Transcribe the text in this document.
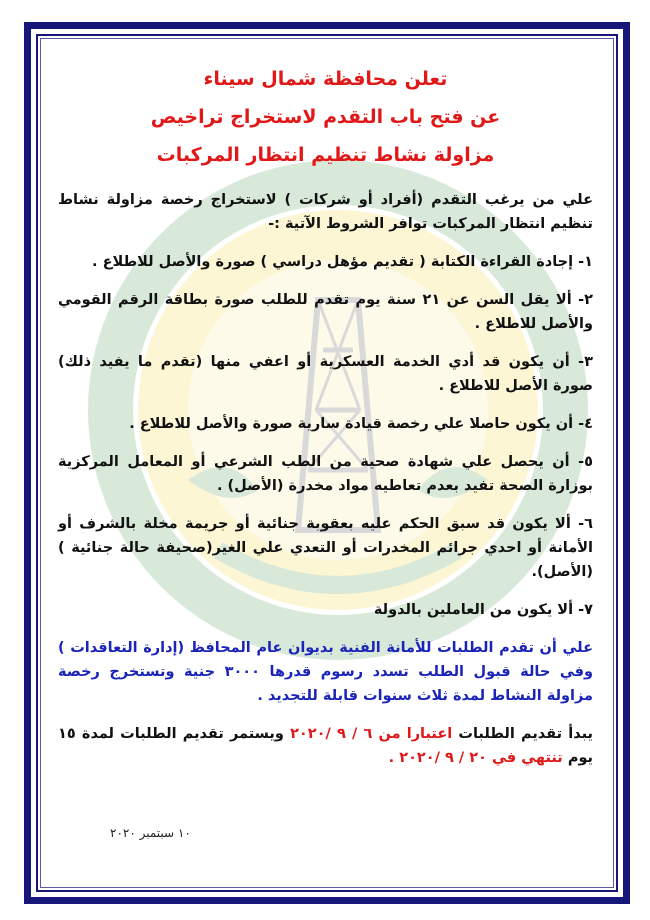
تعلن محافظة شمال سيناء

عن فتح باب التقدم لاستخراج تراخيص

مزاولة نشاط تنظيم انتظار المركبات

علي من يرغب التقدم (أفراد أو شركات ) لاستخراج رخصة مزاولة نشاط تنظيم انتظار المركبات توافر الشروط الآتية :-

١- إجادة القراءة الكتابة ( تقديم مؤهل دراسي ) صورة والأصل للاطلاع .

٢- ألا يقل السن عن ٢١ سنة يوم تقدم للطلب صورة بطاقة الرقم القومي والأصل للاطلاع .

٣- أن يكون قد أدي الخدمة العسكرية أو اعفي منها (تقدم ما يفيد ذلك) صورة الأصل للاطلاع .

٤- أن يكون حاصلا علي رخصة قيادة سارية صورة والأصل للاطلاع .

٥- أن يحصل علي شهادة صحية من الطب الشرعي أو المعامل المركزية بوزارة الصحة تفيد بعدم تعاطيه مواد مخدرة (الأصل) .

٦- ألا يكون قد سبق الحكم عليه بعقوبة جنائية أو جريمة مخلة بالشرف أو الأمانة أو احدي جرائم المخدرات أو التعدي علي الغير(صحيفة حالة جنائية ) (الأصل).

٧- ألا يكون من العاملين بالدولة

علي أن تقدم الطلبات للأمانة الفنية بديوان عام المحافظ (إدارة التعاقدات ) وفي حالة قبول الطلب تسدد رسوم قدرها ٣٠٠٠ جنية وتستخرج رخصة مزاولة النشاط لمدة ثلاث سنوات قابلة للتجديد .

يبدأ تقديم الطلبات اعتبارا من ٦ / ٩ /٢٠٢٠ ويستمر تقديم الطلبات لمدة ١٥ يوم تنتهي في ٢٠ / ٩ /٢٠٢٠ .

١٠ سبتمبر ٢٠٢٠
